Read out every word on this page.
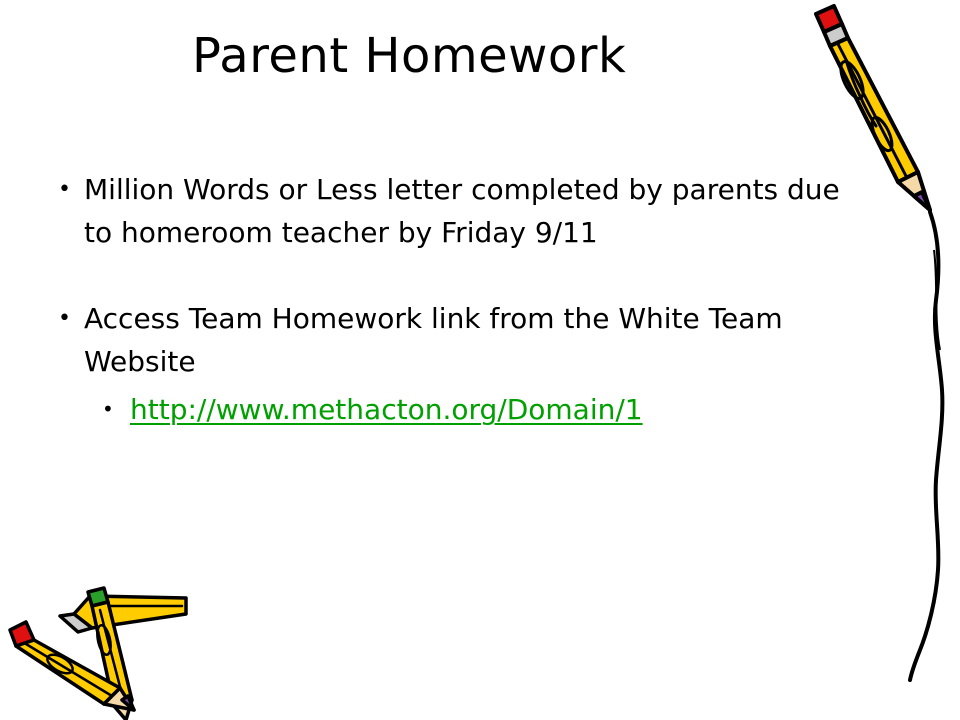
Parent Homework
• Million Words or Less letter completed by parents due to homeroom teacher by Friday 9/11
• Access Team Homework link from the White Team Website
• http://www.methacton.org/Domain/1
